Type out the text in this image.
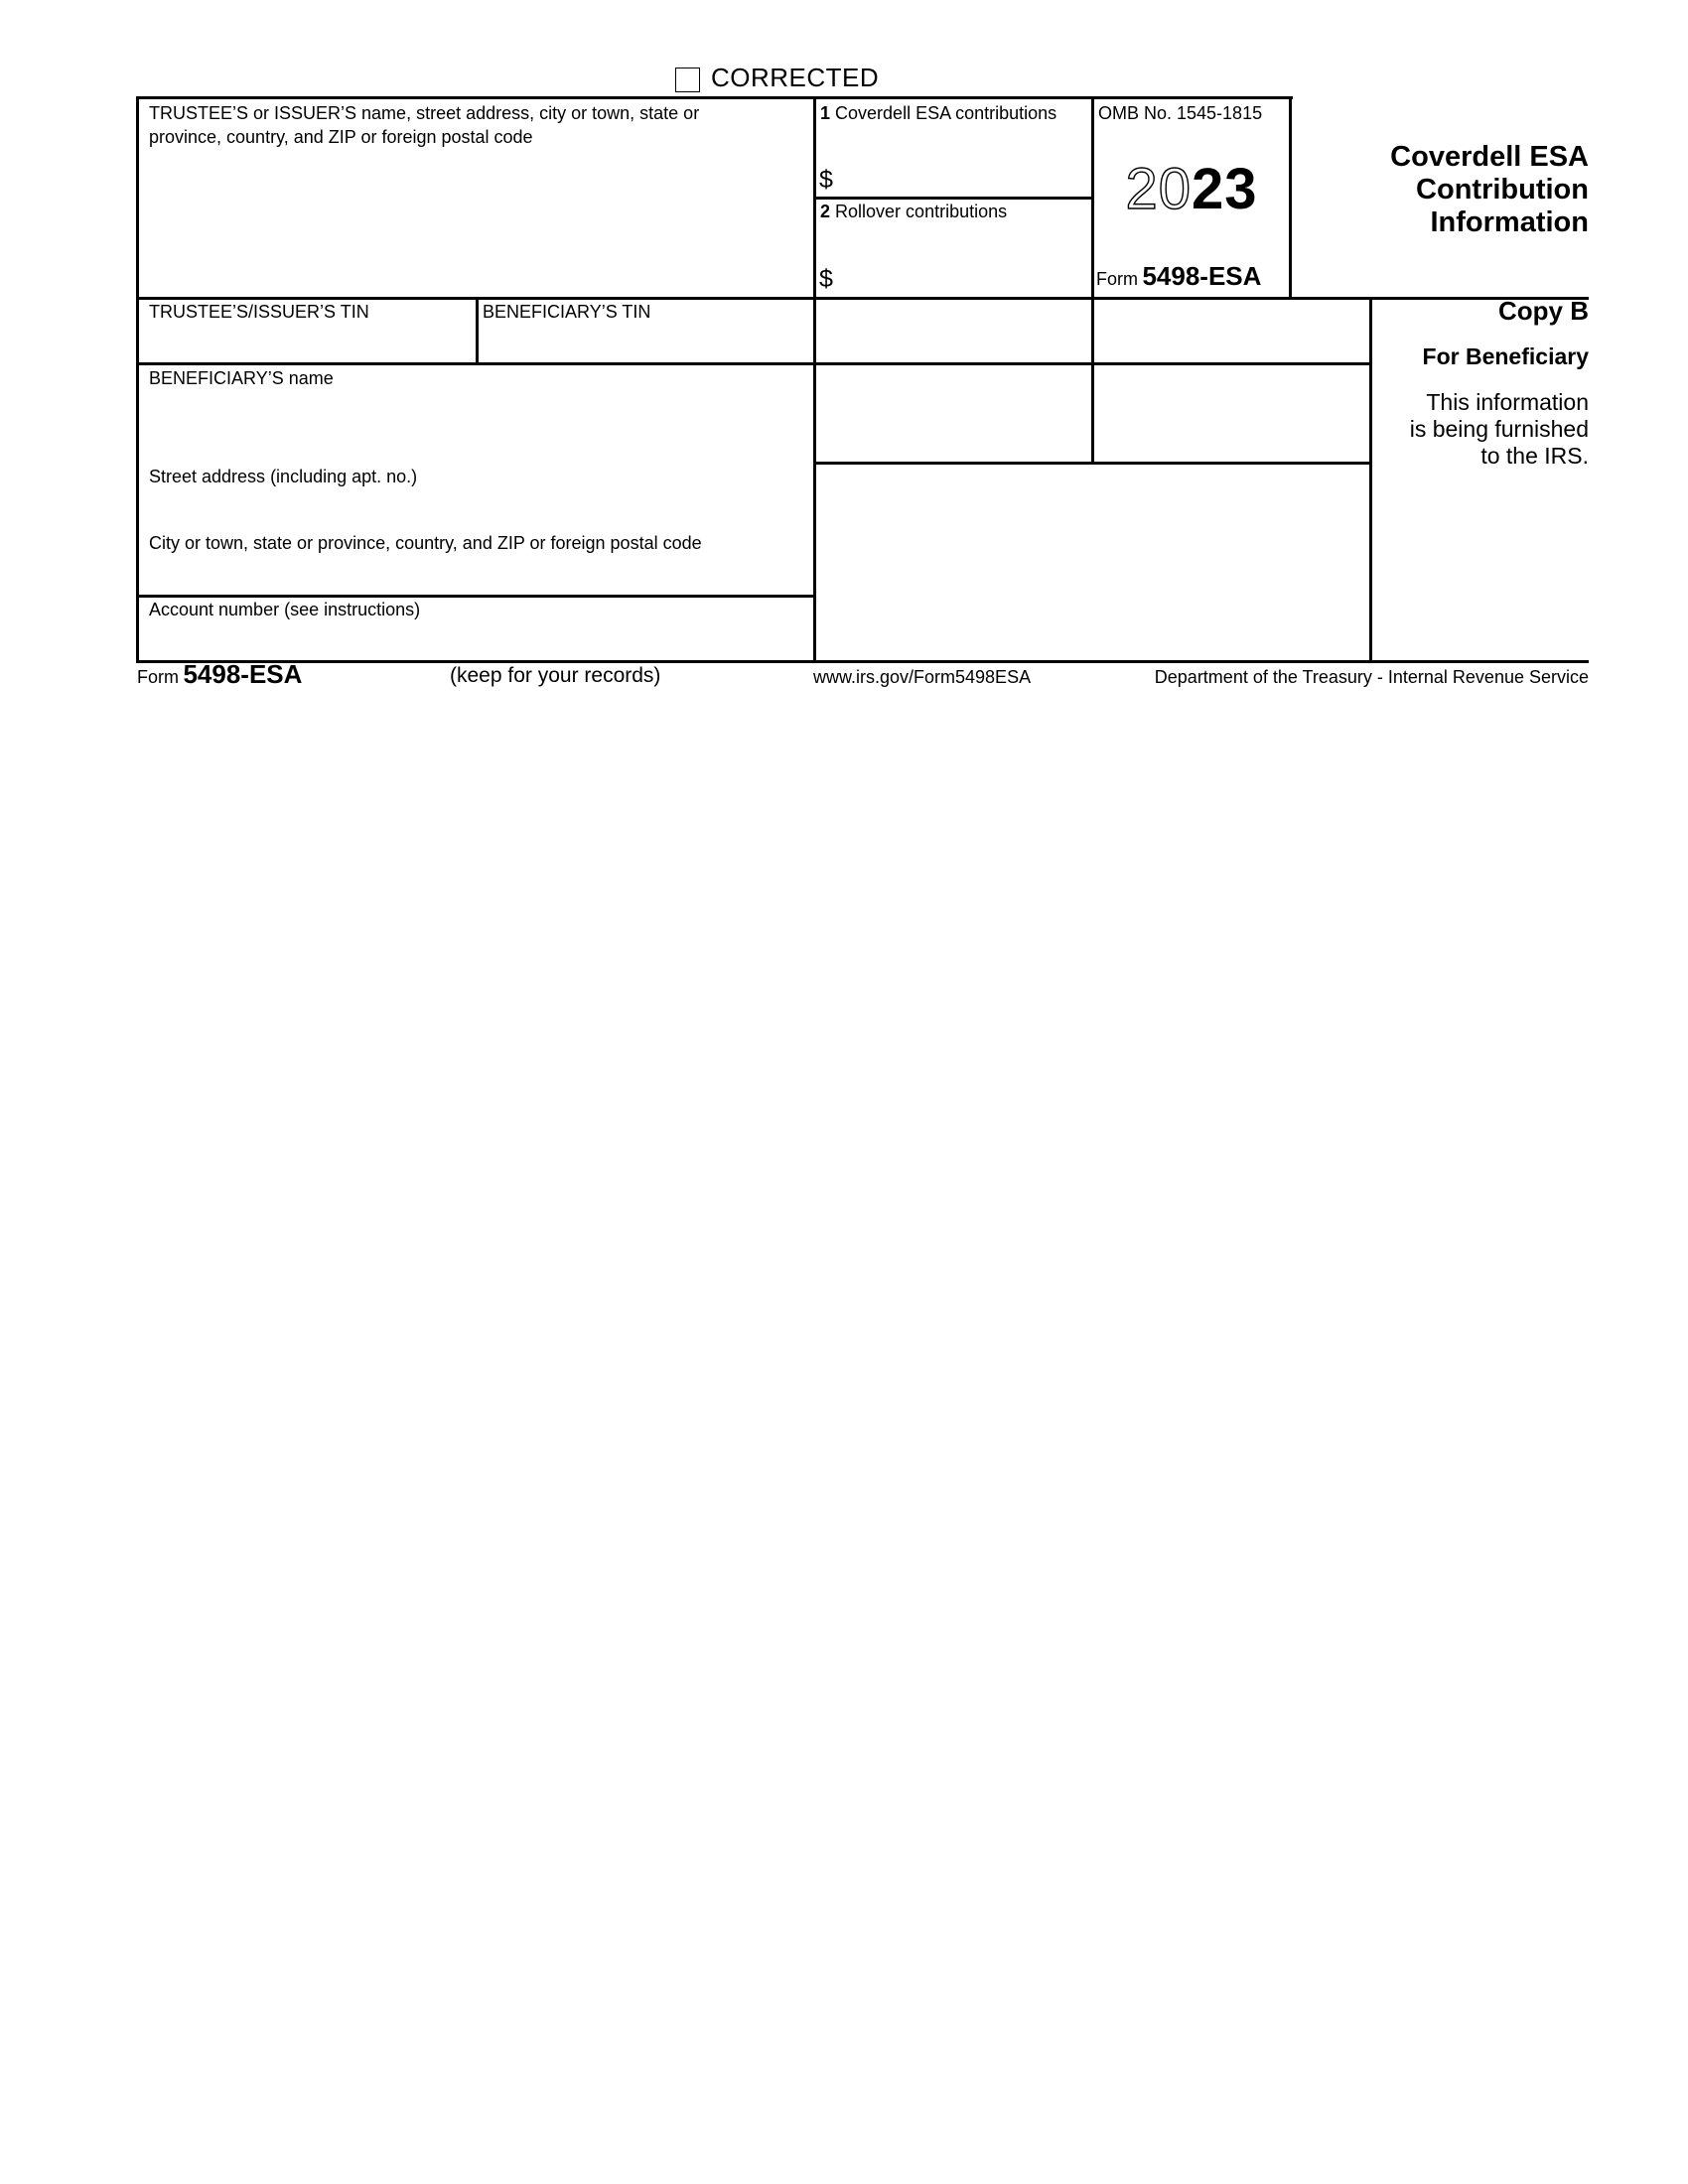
CORRECTED
TRUSTEE’S or ISSUER’S name, street address, city or town, state or province, country, and ZIP or foreign postal code
1 Coverdell ESA contributions
$
2 Rollover contributions
$
OMB No. 1545-1815
2023
Form 5498-ESA
Coverdell ESA
Contribution
Information
TRUSTEE’S/ISSUER’S TIN	BENEFICIARY’S TIN
BENEFICIARY’S name
Street address (including apt. no.)
City or town, state or province, country, and ZIP or foreign postal code
Account number (see instructions)
Copy B
For Beneficiary
This information
is being furnished
to the IRS.
Form 5498-ESA	(keep for your records)	www.irs.gov/Form5498ESA	Department of the Treasury - Internal Revenue Service
